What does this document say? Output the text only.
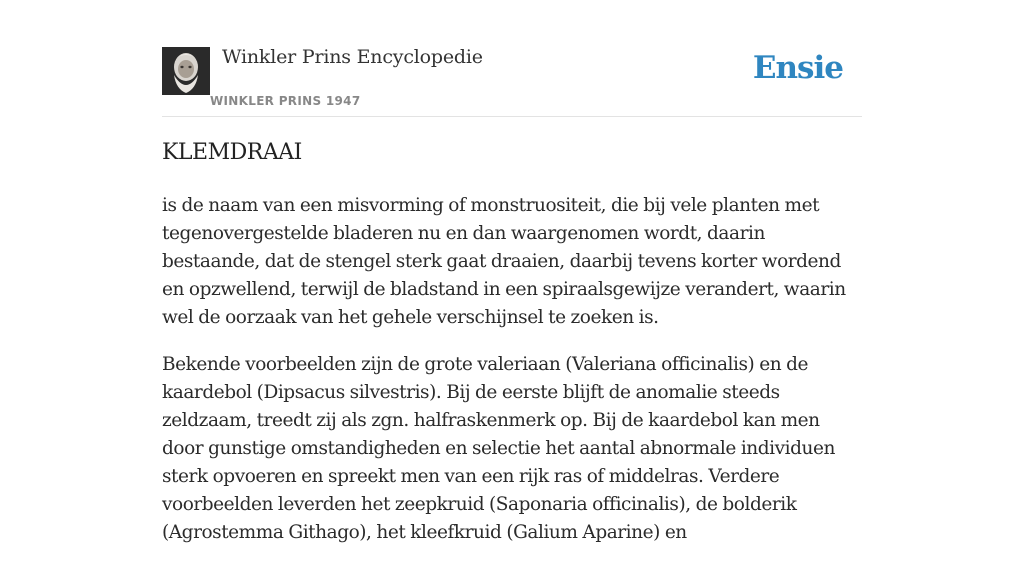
Winkler Prins Encyclopedie
WINKLER PRINS 1947
Ensie
KLEMDRAAI

is de naam van een misvorming of monstruositeit, die bij vele planten met tegenovergestelde bladeren nu en dan waargenomen wordt, daarin bestaande, dat de stengel sterk gaat draaien, daarbij tevens korter wordend en opzwellend, terwijl de bladstand in een spiraalsgewijze verandert, waarin wel de oorzaak van het gehele verschijnsel te zoeken is.

Bekende voorbeelden zijn de grote valeriaan (Valeriana officinalis) en de kaardebol (Dipsacus silvestris). Bij de eerste blijft de anomalie steeds zeldzaam, treedt zij als zgn. halfraskenmerk op. Bij de kaardebol kan men door gunstige omstandigheden en selectie het aantal abnormale individuen sterk opvoeren en spreekt men van een rijk ras of middelras. Verdere voorbeelden leverden het zeepkruid (Saponaria officinalis), de bolderik (Agrostemma Githago), het kleefkruid (Galium Aparine) en
